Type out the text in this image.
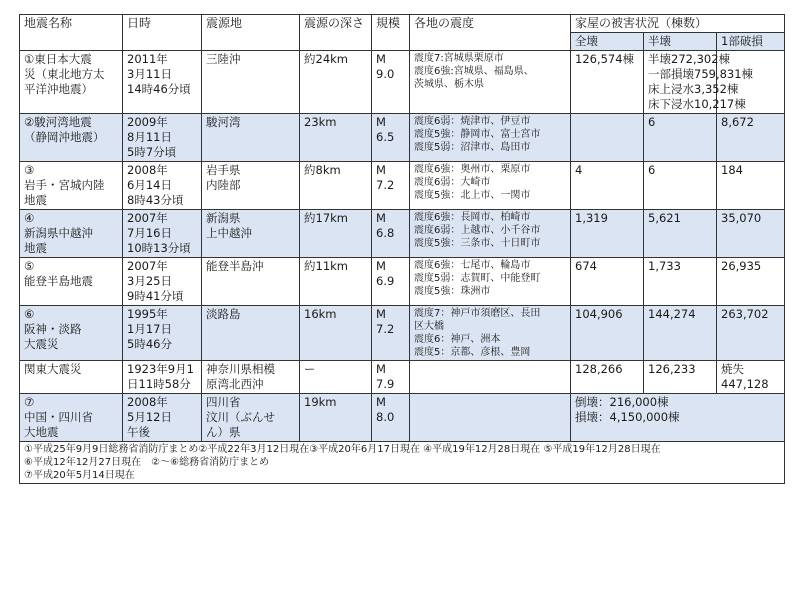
地震名称	日時	震源地	震源の深さ	規模	各地の震度	家屋の被害状況（棟数）		
						全壊	半壊	1部破損

①東日本大震
災（東北地方太
平洋沖地震）	2011年
3月11日
14時46分頃	三陸沖	約24km	M
9.0	震度7:宮城県栗原市
震度6強:宮城県、福島県、
茨城県、栃木県	126,574棟	半壊272,302棟
一部損壊759,831棟
床上浸水3,352棟
床下浸水10,217棟	

②駿河湾地震
（静岡沖地震）	2009年
8月11日
5時7分頃	駿河湾	23km	M
6.5	震度6弱：焼津市、伊豆市
震度5強：静岡市、富士宮市
震度5弱：沼津市、島田市		6	8,672

③
岩手・宮城内陸
地震	2008年
6月14日
8時43分頃	岩手県
内陸部	約8km	M
7.2	震度6強：奥州市、栗原市
震度6弱：大崎市
震度5強：北上市、一関市	4	6	184

④
新潟県中越沖
地震	2007年
7月16日
10時13分頃	新潟県
上中越沖	約17km	M
6.8	震度6強：長岡市、柏崎市
震度6弱：上越市、小千谷市
震度5強：三条市、十日町市	1,319	5,621	35,070

⑤
能登半島地震	2007年
3月25日
9時41分頃	能登半島沖	約11km	M
6.9	震度6強：七尾市、輪島市
震度5弱：志賀町、中能登町
震度5強：珠洲市	674	1,733	26,935

⑥
阪神・淡路
大震災	1995年
1月17日
5時46分	淡路島	16km	M
7.2	震度7：神戸市須磨区、長田
区大橋
震度6：神戸、洲本
震度5：京都、彦根、豊岡	104,906	144,274	263,702

関東大震災	1923年9月1
日11時58分	神奈川県相模
原湾北西沖	ー	M
7.9		128,266	126,233	焼失
447,128

⑦
中国・四川省
大地震	2008年
5月12日
午後	四川省
汶川（ぶんせ
ん）県	19km	M
8.0		倒壊：216,000棟
損壊：4,150,000棟		

①平成25年9月9日総務省消防庁まとめ②平成22年3月12日現在③平成20年6月17日現在 ④平成19年12月28日現在 ⑤平成19年12月28日現在
⑥平成12年12月27日現在　②～⑥総務省消防庁まとめ
⑦平成20年5月14日現在								
